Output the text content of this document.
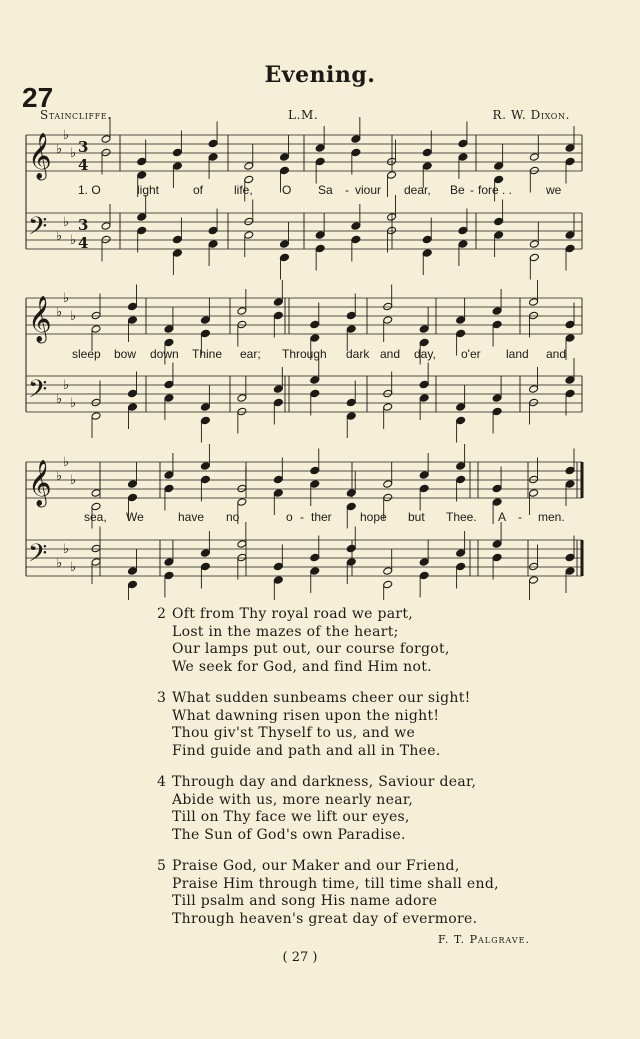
27
Evening.
Staincliffe.	L.M.	R. W. Dixon.
𝄞 ♭
♭
♭ 3
4
𝄢 ♭
♭
♭
3
4
𝄞 ♭
♭
♭
𝄢 ♭
♭
♭
𝄞 ♭
♭
♭
𝄢 ♭
♭
♭
1. O	light	of	life, O Sa - viour dear, Be - fore . .	we
sleep bow down Thine ear; Through dark and day, o'er land and
sea, We	have no	o - ther hope but Thee. A - men.
2 Oft from Thy royal road we part,
Lost in the mazes of the heart;
Our lamps put out, our course forgot,
We seek for God, and find Him not.
3 What sudden sunbeams cheer our sight!
What dawning risen upon the night!
Thou giv'st Thyself to us, and we
Find guide and path and all in Thee.
4 Through day and darkness, Saviour dear,
Abide with us, more nearly near,
Till on Thy face we lift our eyes,
The Sun of God's own Paradise.
5 Praise God, our Maker and our Friend,
Praise Him through time, till time shall end,
Till psalm and song His name adore
Through heaven's great day of evermore.
F. T. Palgrave.
( 27 )
